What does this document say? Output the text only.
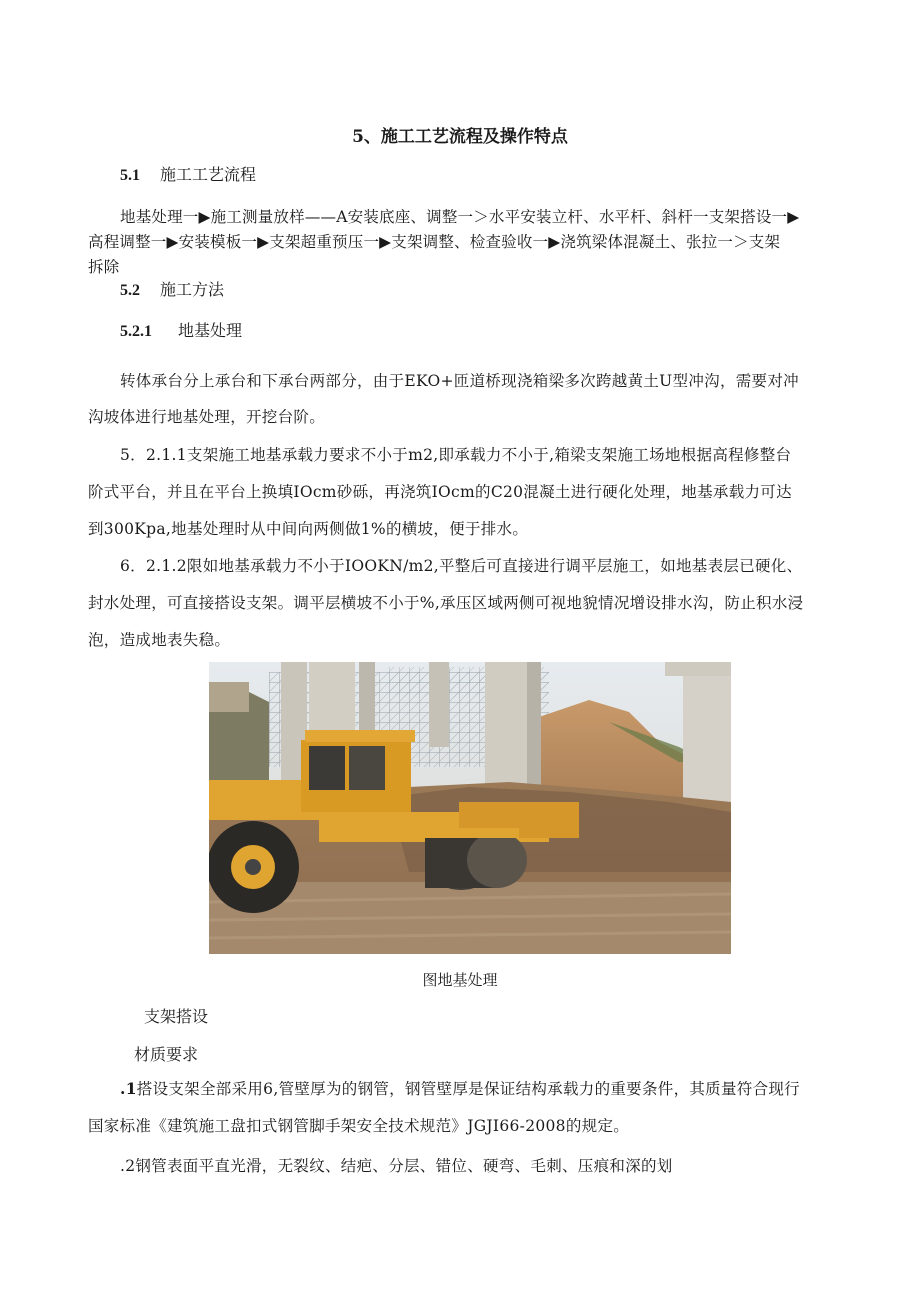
5、施工工艺流程及操作特点
5.1 施工工艺流程
地基处理一▶施工测量放样——A安装底座、调整一＞水平安装立杆、水平杆、斜杆一支架搭设一▶
高程调整一▶安装模板一▶支架超重预压一▶支架调整、检查验收一▶浇筑梁体混凝土、张拉一＞支架
拆除
5.2 施工方法
5.2.1 地基处理
转体承台分上承台和下承台两部分，由于EKO+匝道桥现浇箱梁多次跨越黄土U型冲沟，需要对冲
沟坡体进行地基处理，开挖台阶。
5．2.1.1支架施工地基承载力要求不小于m2,即承载力不小于,箱梁支架施工场地根据高程修整台
阶式平台，并且在平台上换填IOcm砂砾，再浇筑IOcm的C20混凝土进行硬化处理，地基承载力可达
到300Kpa,地基处理时从中间向两侧做1%的横坡，便于排水。
6．2.1.2限如地基承载力不小于IOOKN/m2,平整后可直接进行调平层施工，如地基表层已硬化、
封水处理，可直接搭设支架。调平层横坡不小于%,承压区域两侧可视地貌情况增设排水沟，防止积水浸
泡，造成地表失稳。
图地基处理
支架搭设
材质要求
.1搭设支架全部采用6,管壁厚为的钢管，钢管壁厚是保证结构承载力的重要条件，其质量符合现行
国家标准《建筑施工盘扣式钢管脚手架安全技术规范》JGJI66-2008的规定。
.2钢管表面平直光滑，无裂纹、结疤、分层、错位、硬弯、毛刺、压痕和深的划
